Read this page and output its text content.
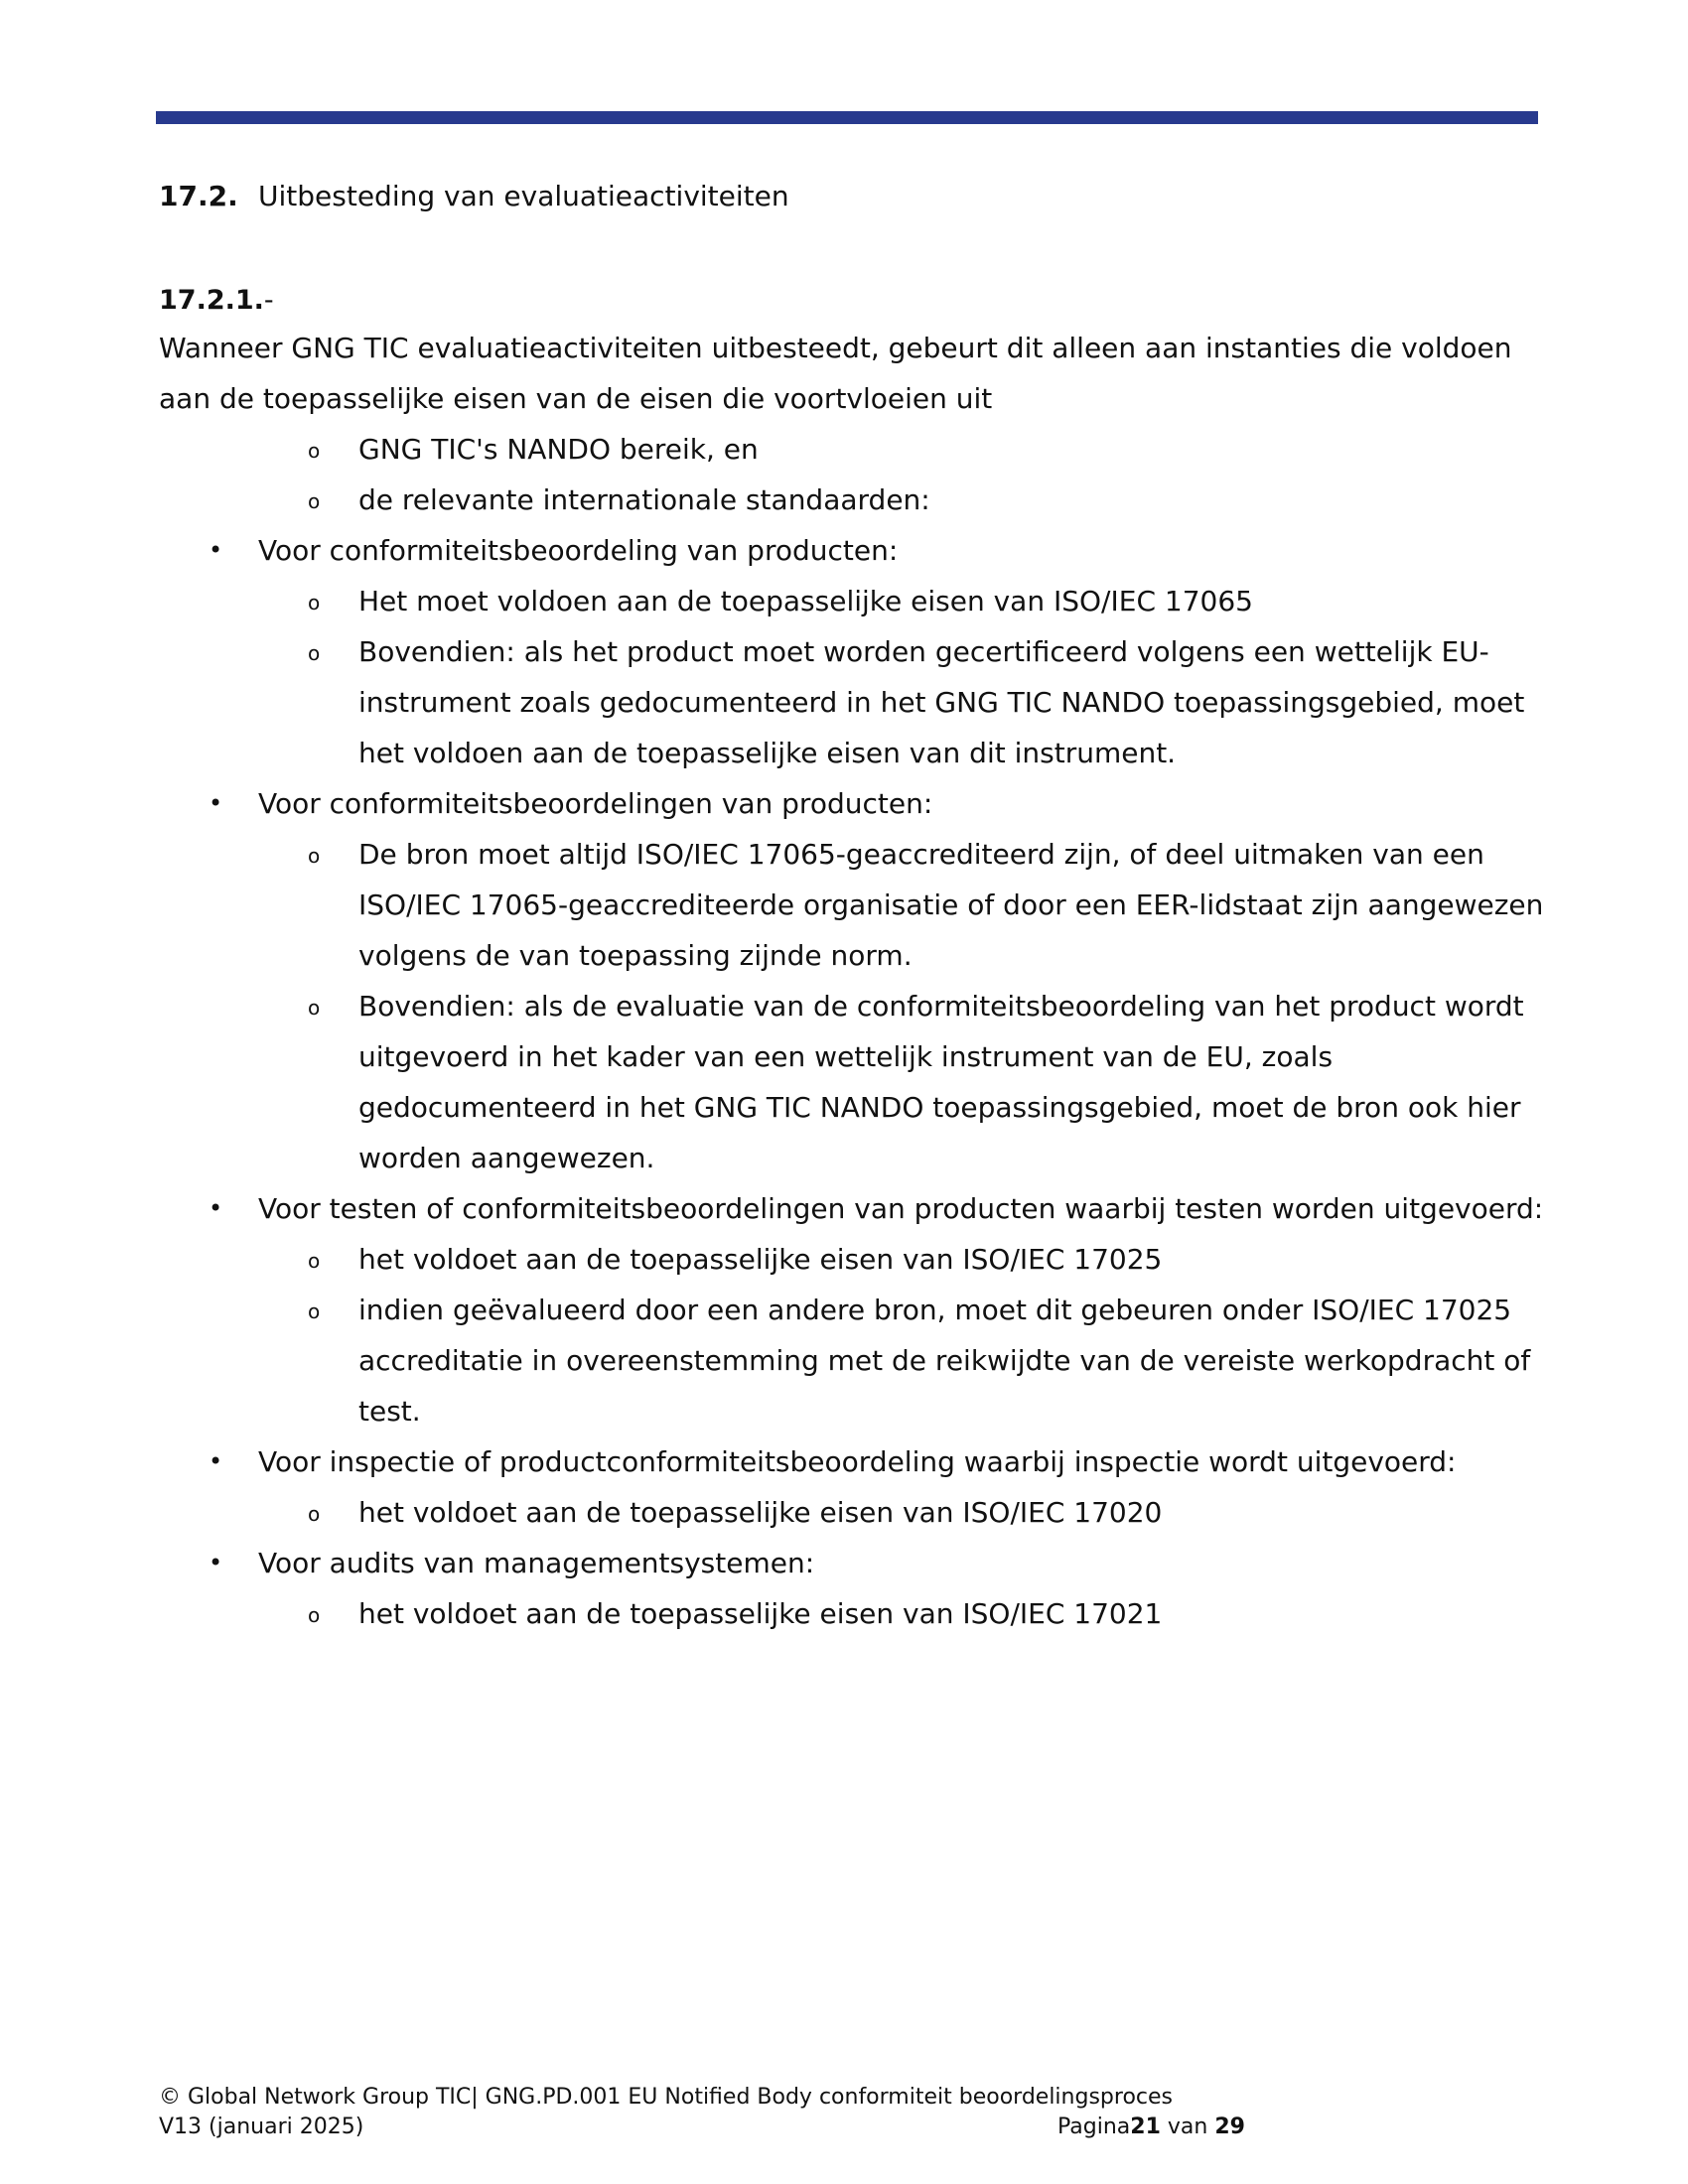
17.2. Uitbesteding van evaluatieactiviteiten
17.2.1.-

Wanneer GNG TIC evaluatieactiviteiten uitbesteedt, gebeurt dit alleen aan instanties die voldoen aan de toepasselijke eisen van de eisen die voortvloeien uit

o GNG TIC's NANDO bereik, en
o de relevante internationale standaarden:
• Voor conformiteitsbeoordeling van producten:
o Het moet voldoen aan de toepasselijke eisen van ISO/IEC 17065
o Bovendien: als het product moet worden gecertificeerd volgens een wettelijk EU-instrument zoals gedocumenteerd in het GNG TIC NANDO toepassingsgebied, moet het voldoen aan de toepasselijke eisen van dit instrument.
• Voor conformiteitsbeoordelingen van producten:
o De bron moet altijd ISO/IEC 17065-geaccrediteerd zijn, of deel uitmaken van een ISO/IEC 17065-geaccrediteerde organisatie of door een EER-lidstaat zijn aangewezen volgens de van toepassing zijnde norm.
o Bovendien: als de evaluatie van de conformiteitsbeoordeling van het product wordt uitgevoerd in het kader van een wettelijk instrument van de EU, zoals gedocumenteerd in het GNG TIC NANDO toepassingsgebied, moet de bron ook hier worden aangewezen.
• Voor testen of conformiteitsbeoordelingen van producten waarbij testen worden uitgevoerd:
o het voldoet aan de toepasselijke eisen van ISO/IEC 17025
o indien geëvalueerd door een andere bron, moet dit gebeuren onder ISO/IEC 17025 accreditatie in overeenstemming met de reikwijdte van de vereiste werkopdracht of test.
• Voor inspectie of productconformiteitsbeoordeling waarbij inspectie wordt uitgevoerd:
o het voldoet aan de toepasselijke eisen van ISO/IEC 17020
• Voor audits van managementsystemen:
o het voldoet aan de toepasselijke eisen van ISO/IEC 17021
© Global Network Group TIC| GNG.PD.001 EU Notified Body conformiteit beoordelingsproces
V13 (januari 2025)	Pagina21 van 29
